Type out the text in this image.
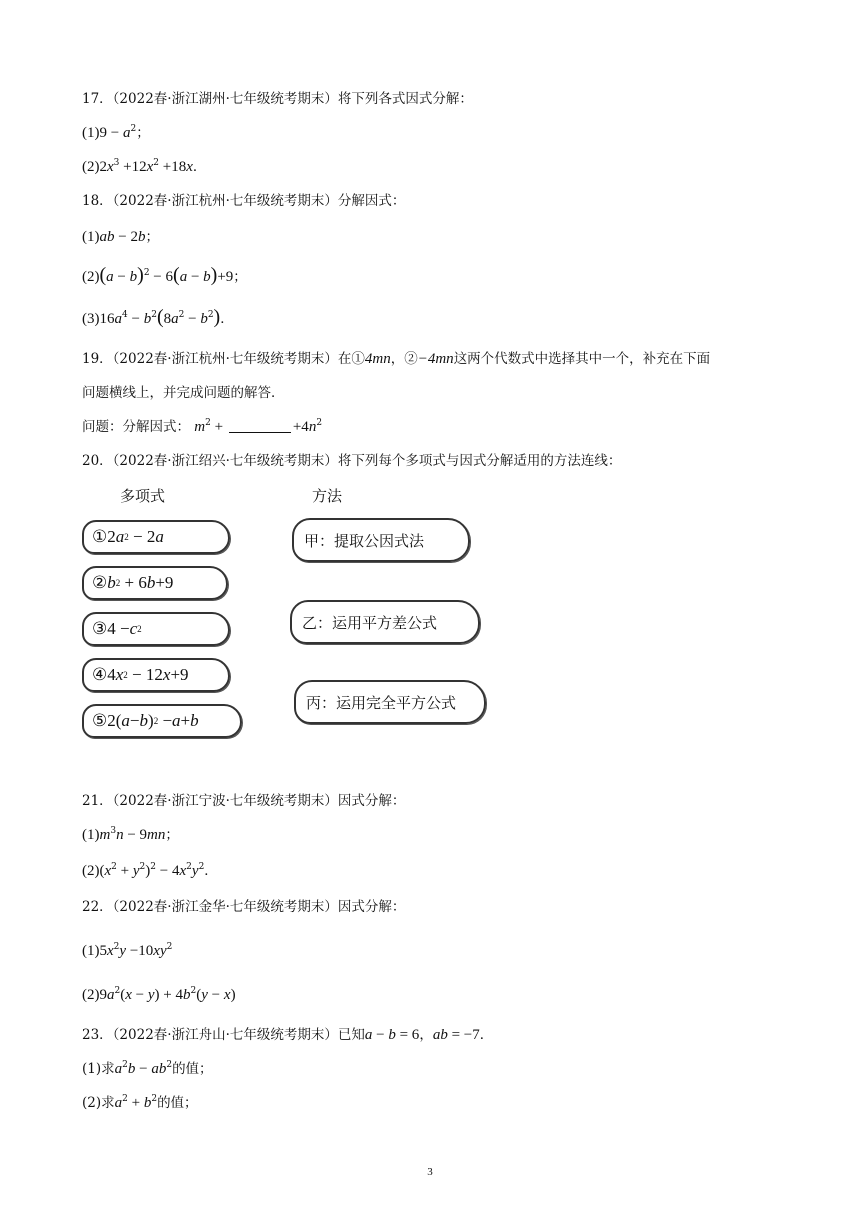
17．（2022春·浙江湖州·七年级统考期末）将下列各式因式分解：
$(1)9 - a^2$；
$(2)2x^3 +12x^2 +18x$．
18．（2022春·浙江杭州·七年级统考期末）分解因式：
(1)ab − 2b；
$(2)(a - b)^2 - 6(a - b)+9$；
$(3)16a^4 - b^2(8a^2 - b^2)$．
19．（2022春·浙江杭州·七年级统考期末）在①4mn，②−4mn这两个代数式中选择其中一个，补充在下面
问题横线上，并完成问题的解答．
问题：分解因式： $m^2$ +	$+4n^2$
20．（2022春·浙江绍兴·七年级统考期末）将下列每个多项式与因式分解适用的方法连线：
多项式	方法
① 2 a 2 − 2 a
② b 2 + 6 b +9
③ 4 − c 2
④ 4 x 2 − 12 x +9
⑤ 2( a − b ) 2 − a + b
甲：提取公因式法
乙：运用平方差公式
丙：运用完全平方公式
21．（2022春·浙江宁波·七年级统考期末）因式分解：
$(1)m^3n - 9mn$；
$(2)(x^2 + y^2)^2 - 4x^2y^2$．
22．（2022春·浙江金华·七年级统考期末）因式分解：
$(1)5x^2y -10xy^2$
$(2)9a^2(x - y) + 4b^2(y - x)$
23．（2022春·浙江舟山·七年级统考期末）已知a − b = 6，ab = −7．
(1)求$a^2b - ab^2$的值；
(2)求$a^2 + b^2$的值；
3
